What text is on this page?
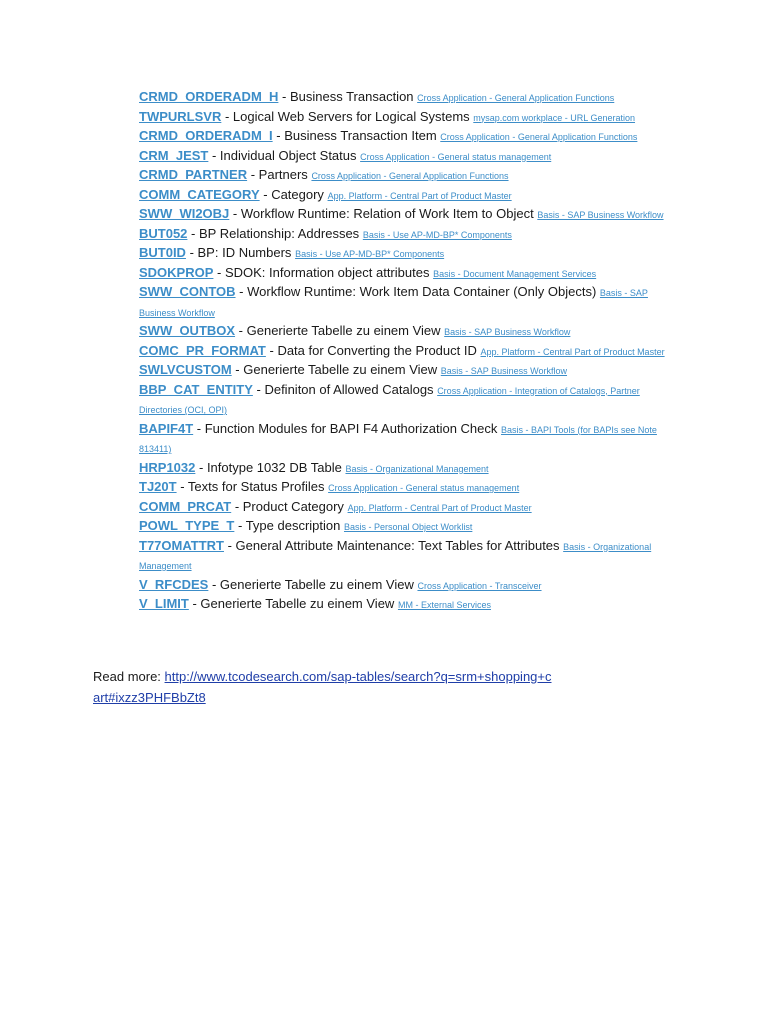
CRMD_ORDERADM_H - Business Transaction Cross Application - General Application Functions
TWPURLSVR - Logical Web Servers for Logical Systems mysap.com workplace - URL Generation
CRMD_ORDERADM_I - Business Transaction Item Cross Application - General Application Functions
CRM_JEST - Individual Object Status Cross Application - General status management
CRMD_PARTNER - Partners Cross Application - General Application Functions
COMM_CATEGORY - Category App. Platform - Central Part of Product Master
SWW_WI2OBJ - Workflow Runtime: Relation of Work Item to Object Basis - SAP Business Workflow
BUT052 - BP Relationship: Addresses Basis - Use AP-MD-BP* Components
BUT0ID - BP: ID Numbers Basis - Use AP-MD-BP* Components
SDOKPROP - SDOK: Information object attributes Basis - Document Management Services
SWW_CONTOB - Workflow Runtime: Work Item Data Container (Only Objects) Basis - SAP Business Workflow
SWW_OUTBOX - Generierte Tabelle zu einem View Basis - SAP Business Workflow
COMC_PR_FORMAT - Data for Converting the Product ID App. Platform - Central Part of Product Master
SWLVCUSTOM - Generierte Tabelle zu einem View Basis - SAP Business Workflow
BBP_CAT_ENTITY - Definiton of Allowed Catalogs Cross Application - Integration of Catalogs, Partner Directories (OCI, OPI)
BAPIF4T - Function Modules for BAPI F4 Authorization Check Basis - BAPI Tools (for BAPIs see Note 813411)
HRP1032 - Infotype 1032 DB Table Basis - Organizational Management
TJ20T - Texts for Status Profiles Cross Application - General status management
COMM_PRCAT - Product Category App. Platform - Central Part of Product Master
POWL_TYPE_T - Type description Basis - Personal Object Worklist
T77OMATTRT - General Attribute Maintenance: Text Tables for Attributes Basis - Organizational Management
V_RFCDES - Generierte Tabelle zu einem View Cross Application - Transceiver
V_LIMIT - Generierte Tabelle zu einem View MM - External Services
Read more: http://www.tcodesearch.com/sap-tables/search?q=srm+shopping+cart#ixzz3PHFBbZt8
